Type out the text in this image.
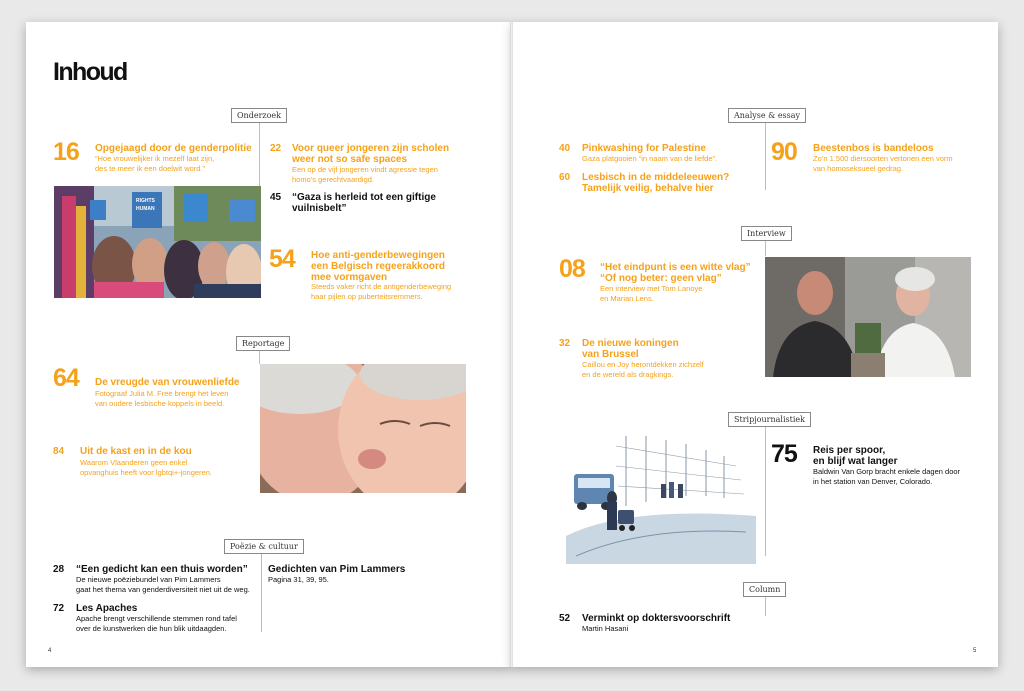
Inhoud
Onderzoek
16 Opgejaagd door de genderpolitie
“Hoe vrouwelijker ik mezelf laat zijn,
des te meer ik een doelwit word.”
RIGHTS
HUMAN
22 Voor queer jongeren zijn scholen
weer not so safe spaces
Een op de vijf jongeren vindt agressie tegen
homo’s gerechtvaardigd.
45 “Gaza is herleid tot een giftige
vuilnisbelt”
54 Hoe anti-genderbewegingen
een Belgisch regeerakkoord
mee vormgaven
Steeds vaker richt de antigenderbeweging
haar pijlen op puberteitsremmers.
Reportage
64 De vreugde van vrouwenliefde
Fotograaf Julia M. Free brengt het leven
van oudere lesbische koppels in beeld.
84 Uit de kast en in de kou
Waarom Vlaanderen geen enkel
opvanghuis heeft voor lgbtqi+-jongeren.
Poëzie & cultuur
28 “Een gedicht kan een thuis worden”
De nieuwe poëziebundel van Pim Lammers
gaat het thema van genderdiversiteit niet uit de weg.
Gedichten van Pim Lammers
Pagina 31, 39, 95.
72 Les Apaches
Apache brengt verschillende stemmen rond tafel
over de kunstwerken die hun blik uitdaagden.
4
Analyse & essay
40 Pinkwashing for Palestine
Gaza platgooien “in naam van de liefde”.
60 Lesbisch in de middeleeuwen?
Tamelijk veilig, behalve hier
90 Beestenbos is bandeloos
Zo’n 1.500 diersoorten vertonen een vorm
van homoseksueel gedrag.
Interview
08 “Het eindpunt is een witte vlag”
“Of nog beter: geen vlag”
Een interview met Tom Lanoye
en Marian Lens.
32 De nieuwe koningen
van Brussel
Caillou en Joy herontdekken zichzelf
en de wereld als dragkings.
Stripjournalistiek
75 Reis per spoor,
en blijf wat langer
Baldwin Van Gorp bracht enkele dagen door
in het station van Denver, Colorado.
Column
52 Verminkt op doktersvoorschrift
Martin Hasani
5
